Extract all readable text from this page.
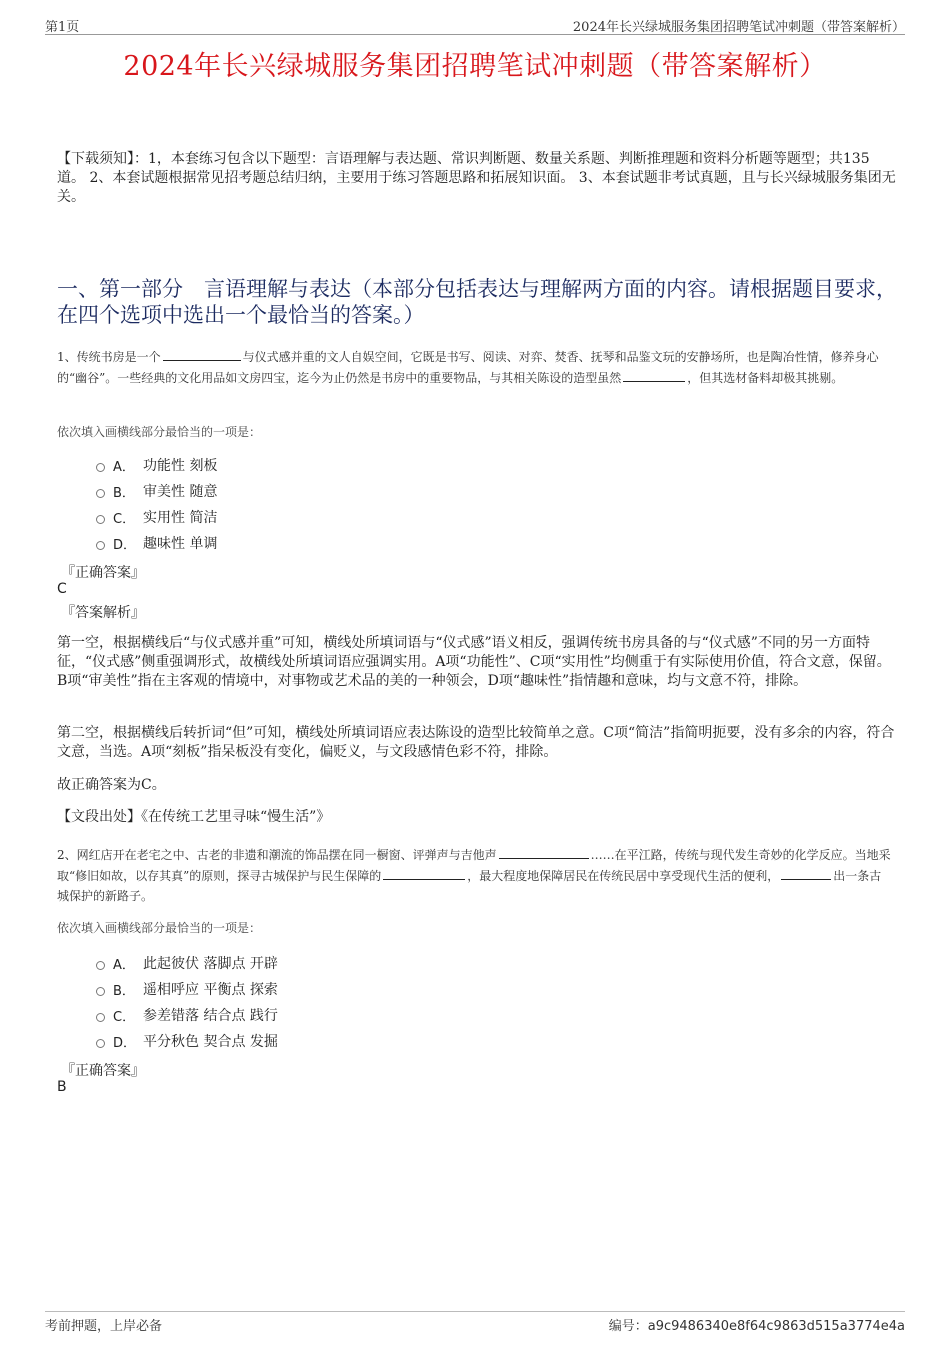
第1页	2024年长兴绿城服务集团招聘笔试冲刺题（带答案解析）
2024年长兴绿城服务集团招聘笔试冲刺题（带答案解析）
【下载须知】：1，本套练习包含以下题型：言语理解与表达题、常识判断题、数量关系题、判断推理题和资料分析题等题型；共135道。 2、本套试题根据常见招考题总结归纳，主要用于练习答题思路和拓展知识面。 3、本套试题非考试真题，且与长兴绿城服务集团无关。
一、第一部分　言语理解与表达（本部分包括表达与理解两方面的内容。请根据题目要求，在四个选项中选出一个最恰当的答案。）
1、传统书房是一个	与仪式感并重的文人自娱空间，它既是书写、阅读、对弈、焚香、抚琴和品鉴文玩的安静场所，也是陶冶性情，修养身心的“幽谷”。一些经典的文化用品如文房四宝，迄今为止仍然是书房中的重要物品，与其相关陈设的造型虽然	，但其选材备料却极其挑剔。
依次填入画横线部分最恰当的一项是：
A． 功能性 刻板
B． 审美性 随意
C． 实用性 简洁
D． 趣味性 单调
『正确答案』
C
『答案解析』
第一空，根据横线后“与仪式感并重”可知，横线处所填词语与“仪式感”语义相反，强调传统书房具备的与“仪式感”不同的另一方面特征，“仪式感”侧重强调形式，故横线处所填词语应强调实用。A项“功能性”、C项“实用性”均侧重于有实际使用价值，符合文意，保留。B项“审美性”指在主客观的情境中，对事物或艺术品的美的一种领会，D项“趣味性”指情趣和意味，均与文意不符，排除。
第二空，根据横线后转折词“但”可知，横线处所填词语应表达陈设的造型比较简单之意。C项“简洁”指简明扼要，没有多余的内容，符合文意，当选。A项“刻板”指呆板没有变化，偏贬义，与文段感情色彩不符，排除。
故正确答案为C。
【文段出处】《在传统工艺里寻味“慢生活”》
2、网红店开在老宅之中、古老的非遗和潮流的饰品摆在同一橱窗、评弹声与吉他声	……在平江路，传统与现代发生奇妙的化学反应。当地采取“修旧如故，以存其真”的原则，探寻古城保护与民生保障的	，最大程度地保障居民在传统民居中享受现代生活的便利，	出一条古城保护的新路子。
依次填入画横线部分最恰当的一项是：
A． 此起彼伏 落脚点 开辟
B． 遥相呼应 平衡点 探索
C． 参差错落 结合点 践行
D． 平分秋色 契合点 发掘
『正确答案』
B
考前押题，上岸必备	编号：a9c9486340e8f64c9863d515a3774e4a
